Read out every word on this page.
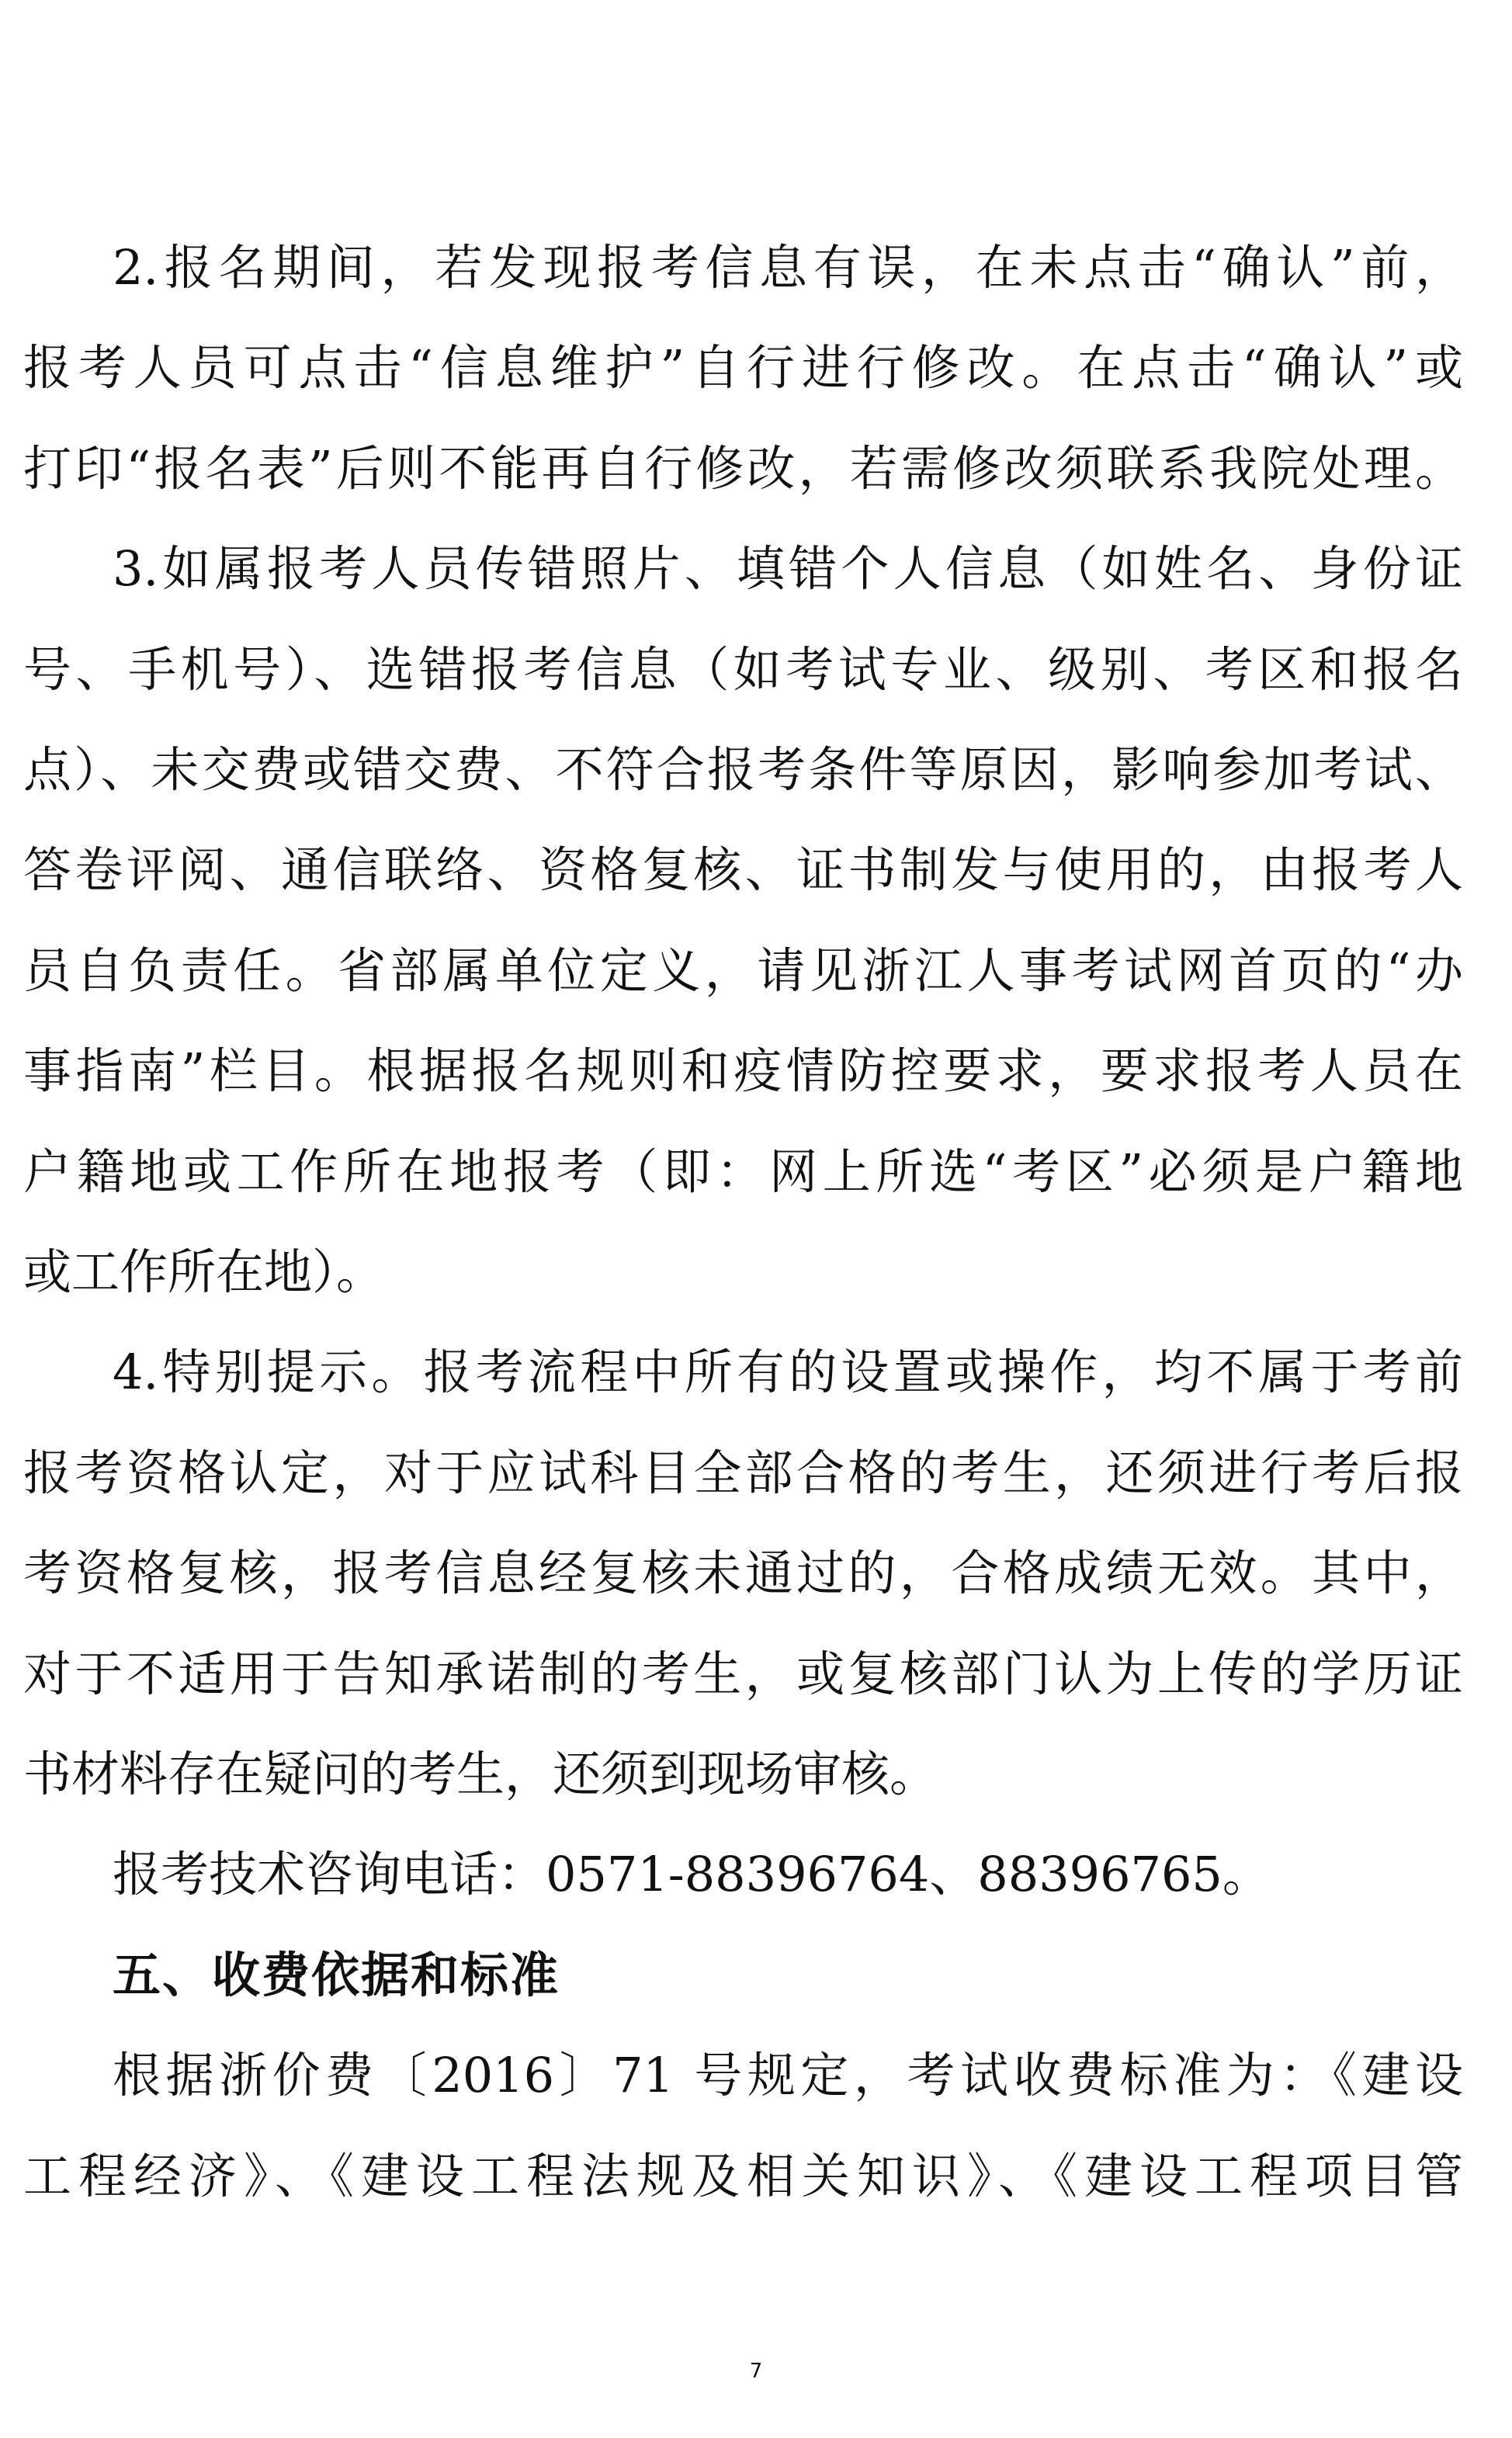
2.报名期间，若发现报考信息有误，在未点击“确认”前，
报考人员可点击“信息维护”自行进行修改。在点击“确认”或
打印“报名表”后则不能再自行修改，若需修改须联系我院处理。
3.如属报考人员传错照片、填错个人信息（如姓名、身份证
号、手机号）、选错报考信息（如考试专业、级别、考区和报名
点）、未交费或错交费、不符合报考条件等原因，影响参加考试、
答卷评阅、通信联络、资格复核、证书制发与使用的，由报考人
员自负责任。省部属单位定义，请见浙江人事考试网首页的“办
事指南”栏目。根据报名规则和疫情防控要求，要求报考人员在
户籍地或工作所在地报考（即：网上所选“考区”必须是户籍地
或工作所在地）。
4.特别提示。报考流程中所有的设置或操作，均不属于考前
报考资格认定，对于应试科目全部合格的考生，还须进行考后报
考资格复核，报考信息经复核未通过的，合格成绩无效。其中，
对于不适用于告知承诺制的考生，或复核部门认为上传的学历证
书材料存在疑问的考生，还须到现场审核。
报考技术咨询电话：0571-88396764、88396765。
五、收费依据和标准
根据浙价费〔2016〕71 号规定，考试收费标准为：《建设
工程经济》、《建设工程法规及相关知识》、《建设工程项目管
7
